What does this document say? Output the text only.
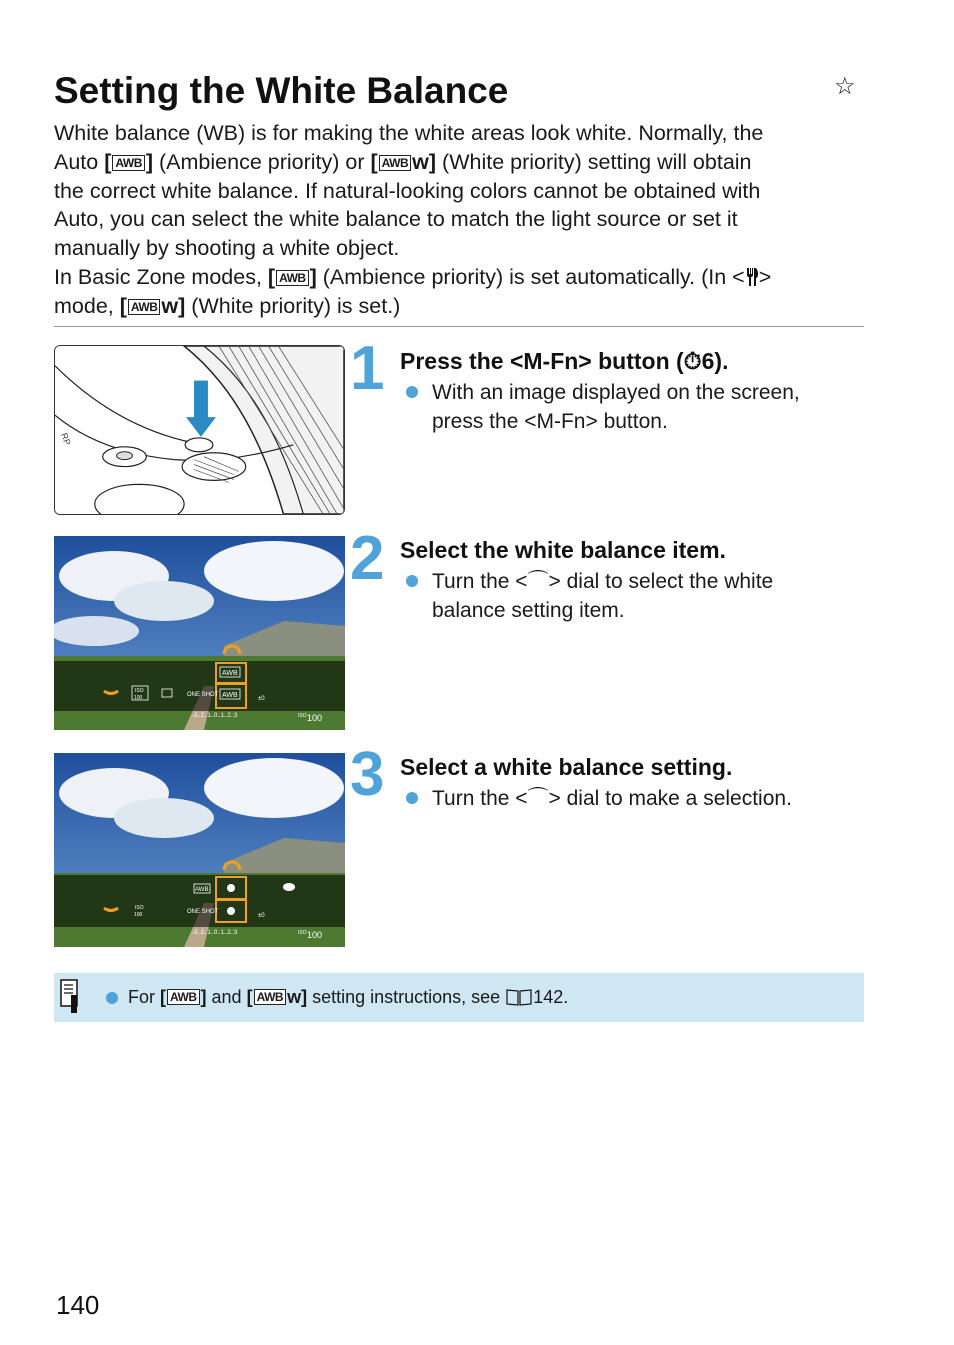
Setting the White Balance	☆
White balance (WB) is for making the white areas look white. Normally, the
Auto [ AWB ] (Ambience priority) or [ AWB w] (White priority) setting will obtain
the correct white balance. If natural-looking colors cannot be obtained with
Auto, you can select the white balance to match the light source or set it
manually by shooting a white object.
In Basic Zone modes, [ AWB ] (Ambience priority) is set automatically. (In < >
mode, [ AWB w] (White priority) is set.)
RP
1 Press the <M-Fn> button (⏱6).
With an image displayed on the screen,
press the <M-Fn> button.
AWB
AWB
ISO
100	ONE SHOT
±0
-3..2..1..0..1..2.:3	ISO 100
2 Select the white balance item.
Turn the <⌒> dial to select the white
balance setting item.
AWB
ISO
100	ONE SHOT
±0
-3..2..1..0..1..2.:3	ISO 100
3 Select a white balance setting.
Turn the <⌒> dial to make a selection.
For [ AWB ] and [ AWB w] setting instructions, see 142.
140
